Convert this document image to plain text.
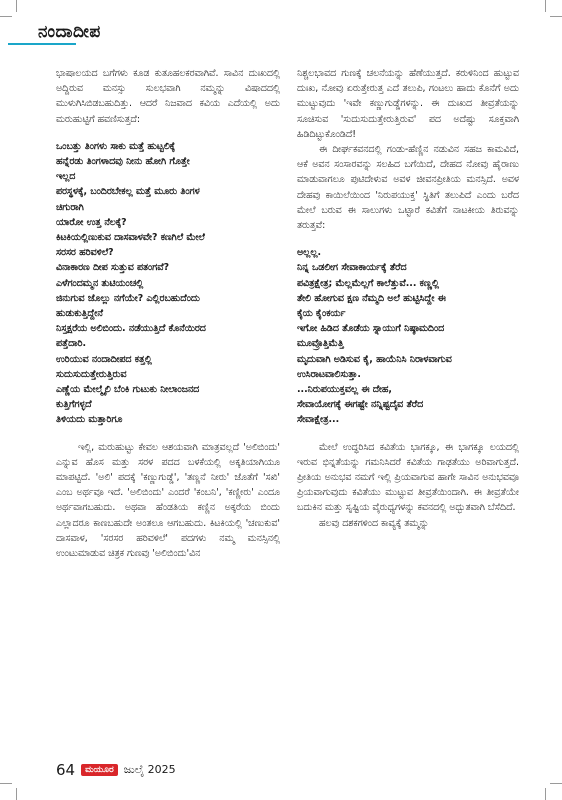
ನಂದಾದೀಪ

ಭಾಷಾಲಯದ ಬಗೆಗಳು ಕೂಡ ಕುತೂಹಲಕರವಾಗಿವೆ. ಸಾವಿನ ದುಃಖದಲ್ಲಿ ಅದ್ದಿರುವ ಮನಸ್ಸು ಸುಲಭವಾಗಿ ನಮ್ಮನ್ನು ವಿಷಾದದಲ್ಲಿ ಮುಳುಗಿಸಿಬಿಡಬಹುದಿತ್ತು. ಆದರೆ ನಿಜವಾದ ಕವಿಯ ಎದೆಯಲ್ಲಿ ಅದು ಮರುಹುಟ್ಟಿಗೆ ಹವಣಿಸುತ್ತದೆ:

ಒಂಬತ್ತು ತಿಂಗಳು ಸಾಕು ಮತ್ತೆ ಹುಟ್ಟಲಿಕ್ಕೆ
ಹನ್ನೆರಡು ತಿಂಗಳಾದವು ನೀನು ಹೋಗಿ ಗೊತ್ತೇ
ಇಲ್ಲದ
ಪರಸ್ಥಳಕ್ಕೆ, ಬಂದಿರಬೇಕಲ್ಲ ಮತ್ತೆ ಮೂರು ತಿಂಗಳ
ಚಿಗುರಾಗಿ
ಯಾರೋ ಉತ್ತ ನೆಲಕ್ಕೆ?
ಕಿಟಕಿಯಲ್ಲಿಣುಕುವ ದಾಸವಾಳವೇ? ಕಣಗಿಲೆ ಮೇಲೆ
ಸರಸರ ಹರಿವಳಿಲೆ?
ವಿನಾಕಾರಣ ದೀಪ ಸುತ್ತುವ ಪತಂಗವೆ?
ಎಳೆಗಂದಮ್ಮನ ತುಟಿಯಂಚಲ್ಲಿ
ಜಿನುಗುವ ಜೊಲ್ಲು ನಗೆಯೇ? ಎಲ್ಲಿರಬಹುದೆಂದು
ಹುಡುಕುತ್ತಿದ್ದೇನೆ
ನಿಸ್ತಕ್ಷರೆಯ ಅಲಿಬಿಂದು. ನಡೆಯುತ್ತಿದೆ ಕೊನೆಯಿರದ
ಪತ್ತೆದಾರಿ.
ಉರಿಯುವ ನಂದಾದೀಪದ ಕತ್ತಲ್ಲಿ
ಸುದುಸುದುತ್ತೇರುತ್ತಿರುವ
ಎಣ್ಣೆಯ ಮೇಲ್ಮೈಲಿ ಬೆಂಕಿ ಗುಟುಕು ನೀಲಾಂಜನದ
ಕುತ್ತಿಗೆಗಳ್ಳದೆ
ತಿಳಿಯದು ಮತ್ತಾರಿಗೂ

ಇಲ್ಲಿ, ಮರುಹುಟ್ಟು ಕೇವಲ ಆಶಯವಾಗಿ ಮಾತ್ರವಲ್ಲದೆ 'ಅಲಿಬಿಂದು' ಎನ್ನುವ ಹೊಸ ಮತ್ತು ಸರಳ ಪದದ ಬಳಕೆಯಲ್ಲಿ ಅಕ್ಕತಿಯಾಗಿಯೂ ಮಾಪಟ್ಟಿದೆ. 'ಅಲಿ' ಪದಕ್ಕೆ 'ಕಣ್ಣುಗುಡ್ಡೆ', 'ತಣ್ಣನೆ ನೀರು' ಜೊತೆಗೆ 'ಸಖಿ' ಎಂಬ ಅರ್ಥವೂ ಇದೆ. 'ಅಲಿಬಿಂದು' ಎಂದರೆ 'ಕಂಬನಿ', 'ಕಣ್ಣೀರು' ಎಂದೂ ಅರ್ಥವಾಗಬಹುದು. ಅಥವಾ ಹೆಂಡತಿಯ ಕಣ್ಣಿನ ಅಕ್ಕರೆಯ ಬಿಂದು ಎಲ್ಲಾದರೂ ಕಾಣಬಹುದೇ ಅಂತಲೂ ಆಗಬಹುದು. ಕಿಟಕಿಯಲ್ಲಿ 'ಚಣುಕುವ' ದಾಸವಾಳ, 'ಸರಸರ ಹರಿವಳಿಲೆ' ಪದಗಳು ನಮ್ಮ ಮನಸ್ಸಿನಲ್ಲಿ ಉಂಟುಮಾಡುವ ಚಿತ್ರಕ ಗುಣವು 'ಅಲಿಬಿಂದು'ವಿನ

ನಿಶ್ಚಲಭಾವದ ಗುಣಕ್ಕೆ ಚಲನೆಯನ್ನು ಹೆಣೆಯುತ್ತದೆ. ಕರುಳಿನಿಂದ ಹುಟ್ಟುವ ದುಃಖ, ನೋವು ಏರುತ್ತೇರುತ್ತ ಎದೆ ತಲುಪಿ, ಗಂಟಲು ಹಾದು ಕೊನೆಗೆ ಅದು ಮುಟ್ಟುವುದು 'ಇವೇ ಕಣ್ಣುಗುಡ್ಡೆಗಳನ್ನು. ಈ ದುಃಖದ ತೀವ್ರತೆಯನ್ನು ಸೂಚಿಸುವ 'ಸುದುಸುದುತ್ತೇರುತ್ತಿರುವ' ಪದ ಅದೆಷ್ಟು ಸೂಕ್ತವಾಗಿ ಹಿಡಿದಿಟ್ಟುಕೊಂಡಿದೆ!

ಈ ದೀರ್ಘಕವನದಲ್ಲಿ ಗಂಡು-ಹೆಣ್ಣಿನ ನಡುವಿನ ಸಹಜ ಕಾಮವಿದೆ, ಆಕೆ ಅವನ ಸಂಸಾರವನ್ನು ಸಲಹಿದ ಬಗೆಯಿದೆ, ದೇಹದ ನೋವು ಹೈರಾಣು ಮಾಡುವಾಗಲೂ ಪುಟಿದೇಳುವ ಅವಳ ಜೀವನಪ್ರೀತಿಯ ಮನಸ್ಸಿದೆ. ಅವಳ ದೇಹವು ಕಾಯಿಲೆಯಿಂದ 'ನಿರುಪಯುಕ್ತ' ಸ್ಥಿತಿಗೆ ತಲುಪಿದೆ ಎಂದು ಬರೆದ ಮೇಲೆ ಬರುವ ಈ ಸಾಲುಗಳು ಒಟ್ಟಾರೆ ಕವಿತೆಗೆ ನಾಟಕೀಯ ತಿರುವನ್ನು ತರುತ್ತವೆ:

ಅಲ್ಲಲ್ಲ.
ನಿನ್ನ ಒಡಲೀಗ ಸೇವಾಕಾರ್ಯಕ್ಕೆ ತೆರೆದ
ಪವಿತ್ರಕ್ಷೇತ್ರ; ಮೆಲ್ಲಮೆಲ್ಲಗೆ ಕಾಲೆತ್ತುವೆ... ಕಣ್ಣಲ್ಲಿ
ತೇಲಿ ಹೋಗುವ ಕ್ಷಣ ನೆಮ್ಮದಿ ಅಲೆ ಹುಟ್ಟಿಸಿದ್ದೇ ಈ
ಕೈಯ ಕೈಂಕರ್ಯ
ಇಗೋ ಹಿಡಿದ ತೊಡೆಯ ಸ್ನಾಯುಗೆ ನಿಷ್ಠಾಮದಿಂದ
ಮೂವ್ರೊತ್ತಿಮೆತ್ತಿ
ಮೃದುವಾಗಿ ಅಡಿಸುವ ಕೈ, ಹಾಯೆನಿಸಿ ನಿರಾಳವಾಗುವ
ಉಸಿರಾಟವಾಲಿಸುತ್ತಾ.
...ನಿರುಪಯುಕ್ತವಲ್ಲ ಈ ದೇಹ,
ಸೇವಾಯೋಗಕ್ಕೆ ಈಗಷ್ಟೇ ನನ್ನಿಷ್ಟದೈವ ತೆರೆದ
ಸೇವಾಕ್ಷೇತ್ರ...

ಮೇಲೆ ಉದ್ಧರಿಸಿದ ಕವಿತೆಯ ಭಾಗಕ್ಕೂ, ಈ ಭಾಗಕ್ಕೂ ಲಯದಲ್ಲಿ ಇರುವ ಭಿನ್ನತೆಯನ್ನು ಗಮನಿಸಿದರೆ ಕವಿತೆಯ ಗಾಢತೆಯು ಅರಿವಾಗುತ್ತದೆ. ಪ್ರೀತಿಯ ಅನುಭವ ನಮಗೆ ಇಲ್ಲಿ ಪ್ರಿಯವಾಗುವ ಹಾಗೇ ಸಾವಿನ ಅನುಭವವೂ ಪ್ರಿಯವಾಗುವುದು ಕವಿತೆಯು ಮುಟ್ಟುವ ತೀವ್ರತೆಯಿಂದಾಗಿ. ಈ ತೀವ್ರತೆಯೇ ಬದುಕಿನ ಮತ್ತು ಸೃಷ್ಟಿಯ ವೈರುಧ್ಯಗಳನ್ನು ಕವನದಲ್ಲಿ ಅದ್ಭುತವಾಗಿ ಬೆಸೆದಿದೆ.

ಹಲವು ದಶಕಗಳಿಂದ ಕಾವ್ಯಕ್ಕೆ ತಮ್ಮನ್ನು

64	ಮಯೂರ ಜುಲೈ 2025
